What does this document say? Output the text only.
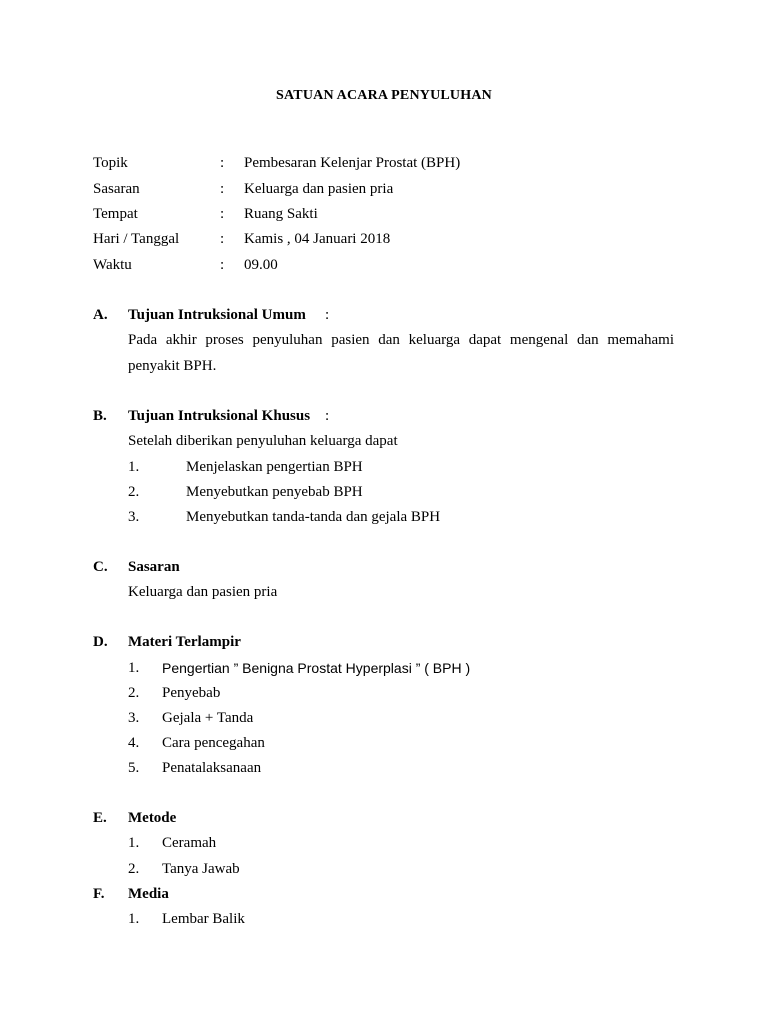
SATUAN ACARA PENYULUHAN
Topik	: Pembesaran Kelenjar Prostat (BPH)
Sasaran	: Keluarga dan pasien pria
Tempat	: Ruang Sakti
Hari / Tanggal	: Kamis , 04 Januari 2018
Waktu	: 09.00
A. Tujuan Intruksional Umum :
Pada akhir proses penyuluhan pasien dan keluarga dapat mengenal dan memahami
penyakit BPH.
B. Tujuan Intruksional Khusus :
Setelah diberikan penyuluhan keluarga dapat
1.	Menjelaskan pengertian BPH
2.	Menyebutkan penyebab BPH
3.	Menyebutkan tanda-tanda dan gejala BPH
C. Sasaran
Keluarga dan pasien pria
D. Materi Terlampir
1. Pengertian ” Benigna Prostat Hyperplasi ” ( BPH )
2. Penyebab
3. Gejala + Tanda
4. Cara pencegahan
5. Penatalaksanaan
E. Metode
1. Ceramah
2. Tanya Jawab
F. Media
1. Lembar Balik
